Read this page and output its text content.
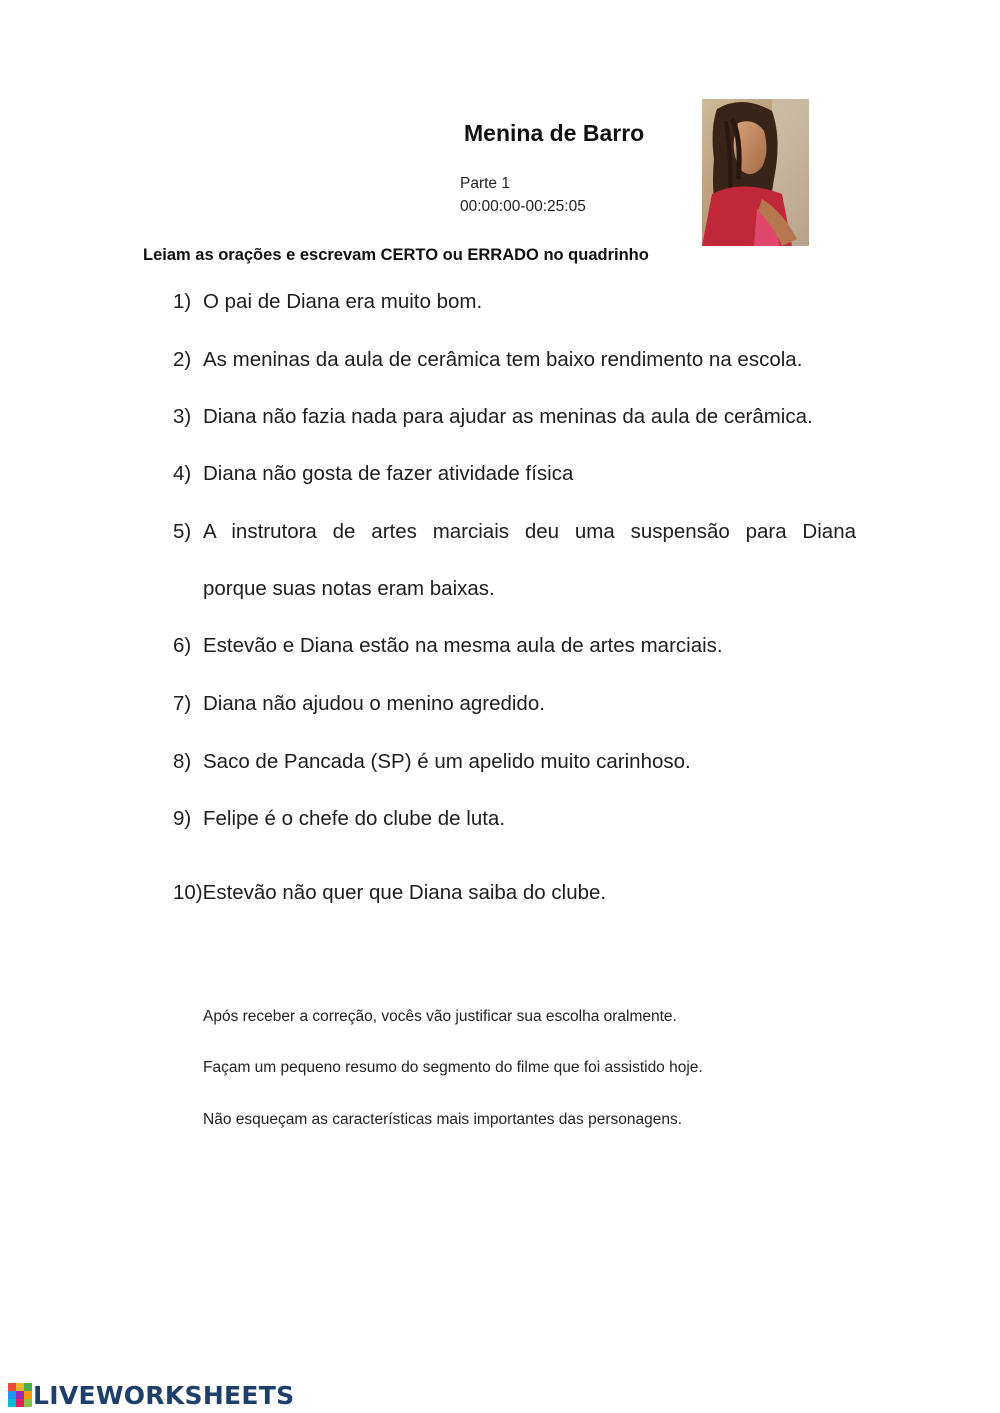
Menina de Barro
Parte 1
00:00:00-00:25:05
Leiam as orações e escrevam CERTO ou ERRADO no quadrinho
1) O pai de Diana era muito bom.
2) As meninas da aula de cerâmica tem baixo rendimento na escola.
3) Diana não fazia nada para ajudar as meninas da aula de cerâmica.
4) Diana não gosta de fazer atividade física
5) A instrutora de artes marciais deu uma suspensão para Diana
porque suas notas eram baixas.
6) Estevão e Diana estão na mesma aula de artes marciais.
7) Diana não ajudou o menino agredido.
8) Saco de Pancada (SP) é um apelido muito carinhoso.
9) Felipe é o chefe do clube de luta.
10)Estevão não quer que Diana saiba do clube.
Após receber a correção, vocês vão justificar sua escolha oralmente.
Façam um pequeno resumo do segmento do filme que foi assistido hoje.
Não esqueçam as características mais importantes das personagens.
LIVEWORKSHEETS
